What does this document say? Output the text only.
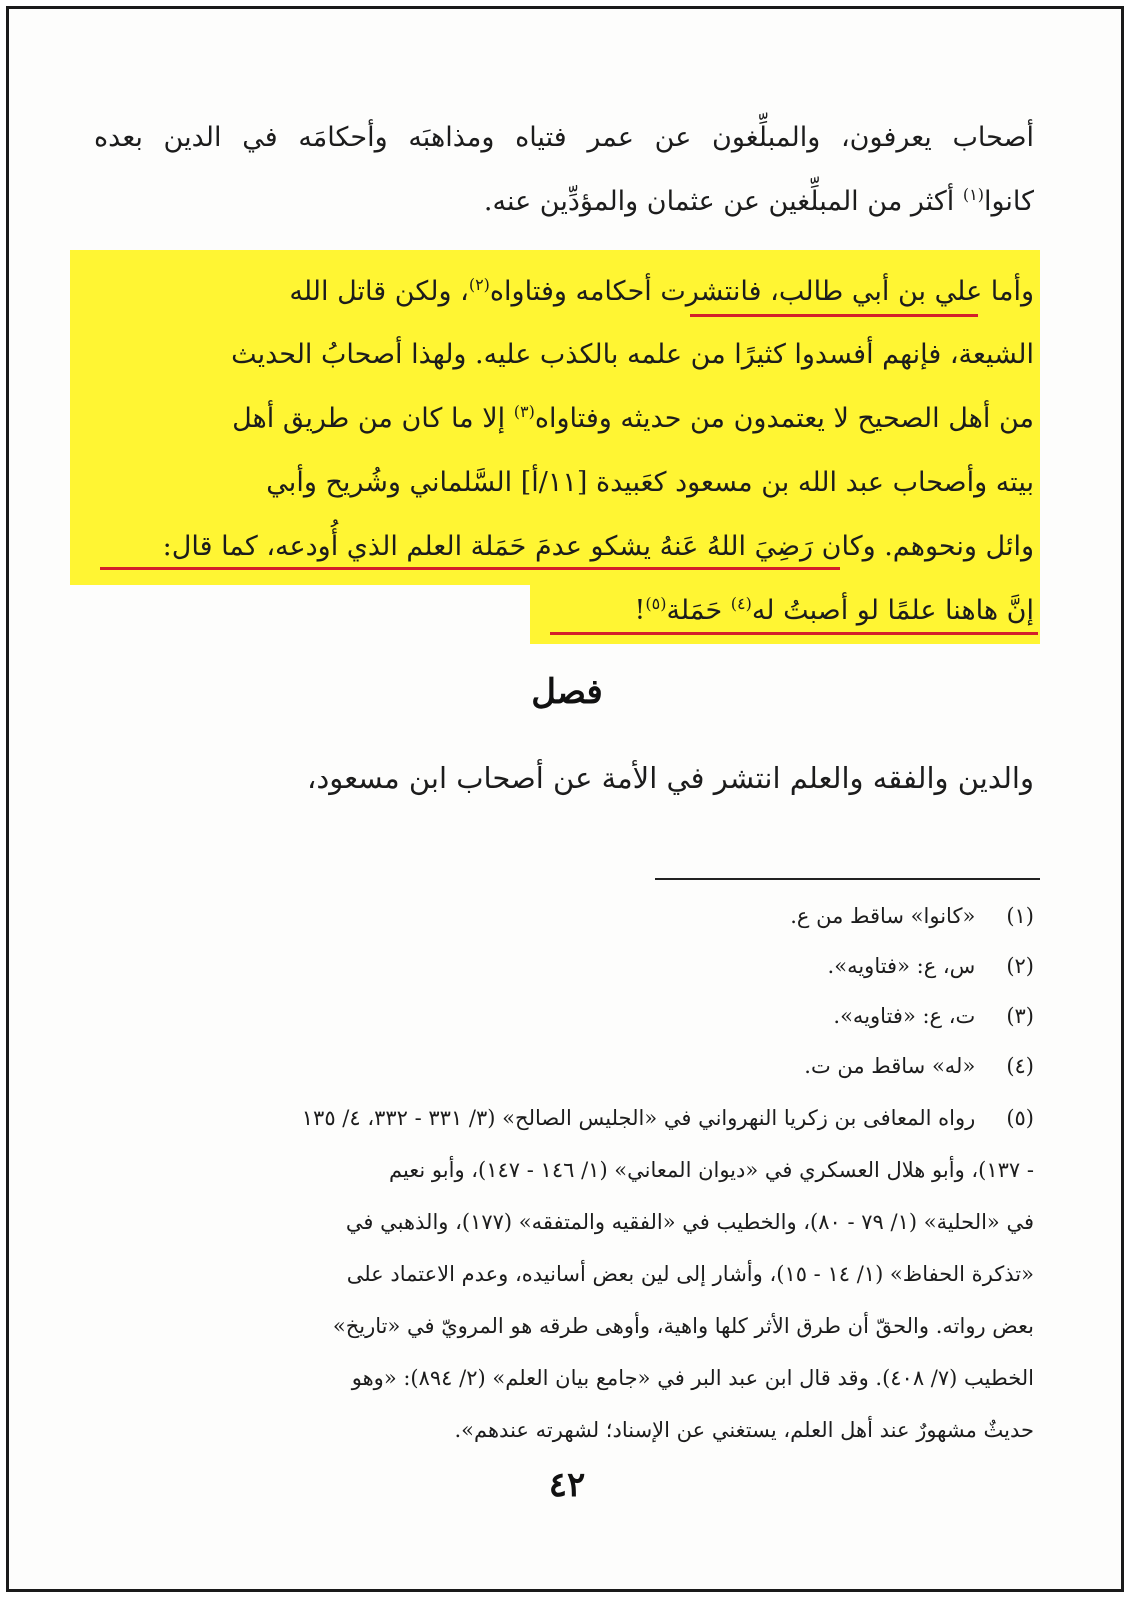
أصحاب يعرفون، والمبلِّغون عن عمر فتياه ومذاهبَه وأحكامَه في الدين بعده
كانوا$^{(١)}$ أكثر من المبلِّغين عن عثمان والمؤدِّين عنه.
وأما علي بن أبي طالب، فانتشرت أحكامه وفتاواه$^{(٢)}$، ولكن قاتل الله
الشيعة، فإنهم أفسدوا كثيرًا من علمه بالكذب عليه. ولهذا أصحابُ الحديث
من أهل الصحيح لا يعتمدون من حديثه وفتاواه$^{(٣)}$ إلا ما كان من طريق أهل
بيته وأصحاب عبد الله بن مسعود كعَبيدة [١١/أ] السَّلماني وشُريح وأبي
وائل ونحوهم. وكان رَضِيَ اللهُ عَنهُ يشكو عدمَ حَمَلة العلم الذي أُودعه، كما قال:
إنَّ هاهنا علمًا لو أصبتُ له$^{(٤)}$ حَمَلة$^{(٥)}$!
فصل
والدين والفقه والعلم انتشر في الأمة عن أصحاب ابن مسعود،
(١) «كانوا» ساقط من ع.
(٢) س، ع: «فتاويه».
(٣) ت، ع: «فتاويه».
(٤) «له» ساقط من ت.
(٥) رواه المعافى بن زكريا النهرواني في «الجليس الصالح» (٣/ ٣٣١ - ٣٣٢، ٤/ ١٣٥
- ١٣٧)، وأبو هلال العسكري في «ديوان المعاني» (١/ ١٤٦ - ١٤٧)، وأبو نعيم
في «الحلية» (١/ ٧٩ - ٨٠)، والخطيب في «الفقيه والمتفقه» (١٧٧)، والذهبي في
«تذكرة الحفاظ» (١/ ١٤ - ١٥)، وأشار إلى لين بعض أسانيده، وعدم الاعتماد على
بعض رواته. والحقّ أن طرق الأثر كلها واهية، وأوهى طرقه هو المرويّ في «تاريخ»
الخطيب (٧/ ٤٠٨). وقد قال ابن عبد البر في «جامع بيان العلم» (٢/ ٨٩٤): «وهو
حديثٌ مشهورٌ عند أهل العلم، يستغني عن الإسناد؛ لشهرته عندهم».
٤٢
